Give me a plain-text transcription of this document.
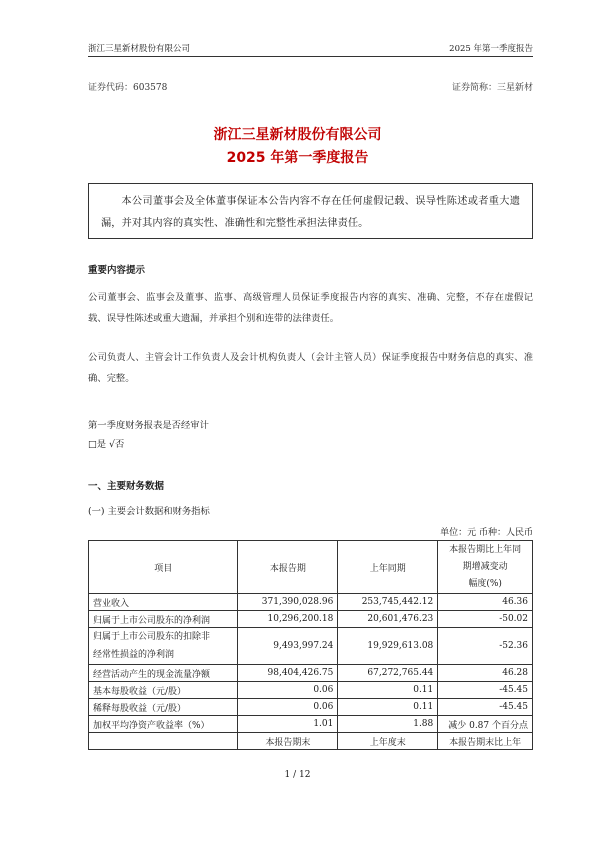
浙江三星新材股份有限公司	2025 年第一季度报告
证券代码：603578	证券简称：三星新材
浙江三星新材股份有限公司
2025 年第一季度报告
本公司董事会及全体董事保证本公告内容不存在任何虚假记载、误导性陈述或者重大遗漏，并对其内容的真实性、准确性和完整性承担法律责任。
重要内容提示
公司董事会、监事会及董事、监事、高级管理人员保证季度报告内容的真实、准确、完整，不存在虚假记载、误导性陈述或重大遗漏，并承担个别和连带的法律责任。
公司负责人、主管会计工作负责人及会计机构负责人（会计主管人员）保证季度报告中财务信息的真实、准确、完整。
第一季度财务报表是否经审计
□是 √否
一、主要财务数据
(一) 主要会计数据和财务指标
单位：元 币种：人民币
项目	本报告期	上年同期	本报告期比上年同
期增减变动
幅度(%)

营业收入	371,390,028.96	253,745,442.12	46.36
归属于上市公司股东的净利润	10,296,200.18	20,601,476.23	-50.02

归属于上市公司股东的扣除非
经常性损益的净利润	9,493,997.24	19,929,613.08	-52.36
经营活动产生的现金流量净额	98,404,426.75	67,272,765.44	46.28
基本每股收益（元/股）	0.06	0.11	-45.45
稀释每股收益（元/股）	0.06	0.11	-45.45
加权平均净资产收益率（%）	1.01	1.88	减少 0.87 个百分点
	本报告期末	上年度末	本报告期末比上年
1 / 12
